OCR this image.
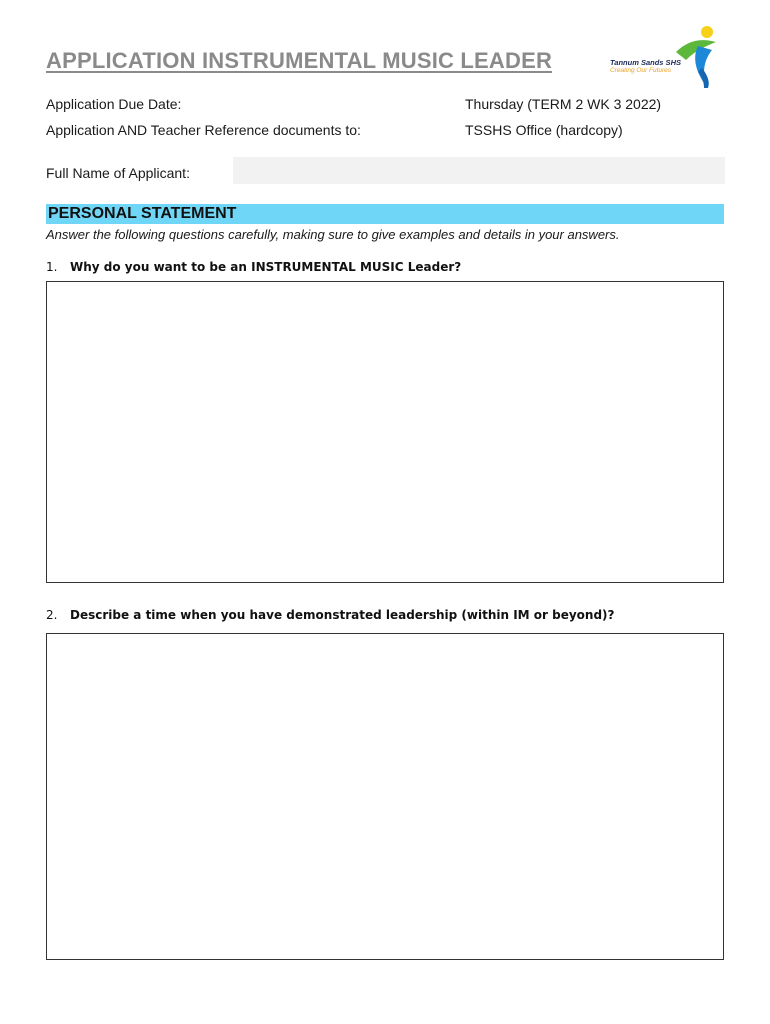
APPLICATION INSTRUMENTAL MUSIC LEADER	Tannum Sands SHS
Creating Our Futures
Application Due Date:	Thursday (TERM 2 WK 3 2022)
Application AND Teacher Reference documents to:	TSSHS Office (hardcopy)
Full Name of Applicant:
PERSONAL STATEMENT
Answer the following questions carefully, making sure to give examples and details in your answers.
1. Why do you want to be an INSTRUMENTAL MUSIC Leader?
2. Describe a time when you have demonstrated leadership (within IM or beyond)?
